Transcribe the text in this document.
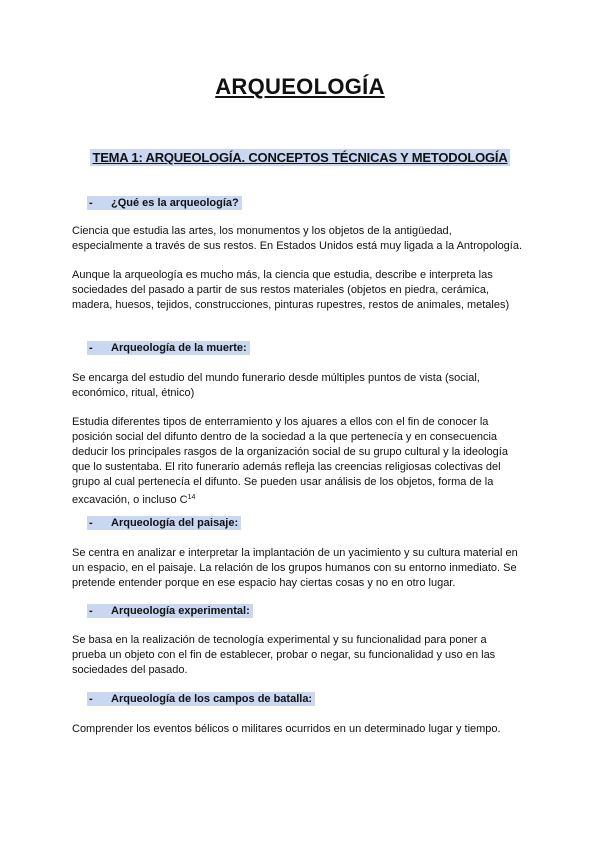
ARQUEOLOGÍA
TEMA 1: ARQUEOLOGÍA. CONCEPTOS TÉCNICAS Y METODOLOGÍA
- ¿Qué es la arqueología?
Ciencia que estudia las artes, los monumentos y los objetos de la antigüedad,
especialmente a través de sus restos. En Estados Unidos está muy ligada a la Antropología.
Aunque la arqueología es mucho más, la ciencia que estudia, describe e interpreta las
sociedades del pasado a partir de sus restos materiales (objetos en piedra, cerámica,
madera, huesos, tejidos, construcciones, pinturas rupestres, restos de animales, metales)
- Arqueología de la muerte:
Se encarga del estudio del mundo funerario desde múltiples puntos de vista (social,
económico, ritual, étnico)
Estudia diferentes tipos de enterramiento y los ajuares a ellos con el fin de conocer la
posición social del difunto dentro de la sociedad a la que pertenecía y en consecuencia
deducir los principales rasgos de la organización social de su grupo cultural y la ideología
que lo sustentaba. El rito funerario además refleja las creencias religiosas colectivas del
grupo al cual pertenecía el difunto. Se pueden usar análisis de los objetos, forma de la
excavación, o incluso $C^{14}$
- Arqueología del paisaje:
Se centra en analizar e interpretar la implantación de un yacimiento y su cultura material en
un espacio, en el paisaje. La relación de los grupos humanos con su entorno inmediato. Se
pretende entender porque en ese espacio hay ciertas cosas y no en otro lugar.
- Arqueología experimental:
Se basa en la realización de tecnología experimental y su funcionalidad para poner a
prueba un objeto con el fin de establecer, probar o negar, su funcionalidad y uso en las
sociedades del pasado.
- Arqueología de los campos de batalla:
Comprender los eventos bélicos o militares ocurridos en un determinado lugar y tiempo.
